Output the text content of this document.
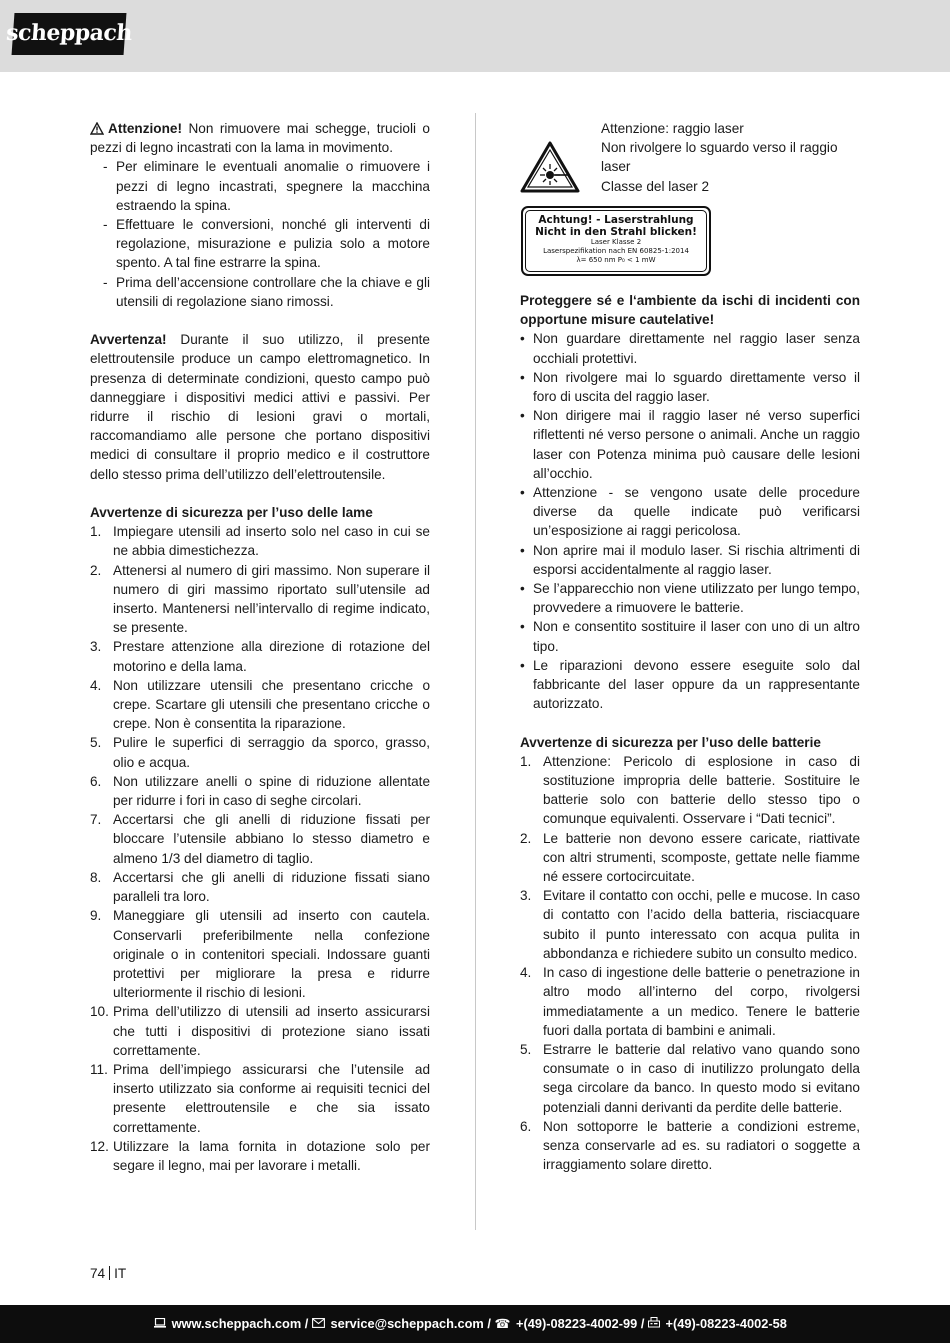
scheppach

Attenzione! Non rimuovere mai schegge, trucioli o pezzi di legno incastrati con la lama in movimento.

- Per eliminare le eventuali anomalie o rimuovere i pezzi di legno incastrati, spegnere la macchina estraendo la spina.
- Effettuare le conversioni, nonché gli interventi di regolazione, misurazione e pulizia solo a motore spento. A tal fine estrarre la spina.
- Prima dell’accensione controllare che la chiave e gli utensili di regolazione siano rimossi.

Avvertenza! Durante il suo utilizzo, il presente elettroutensile produce un campo elettromagnetico. In presenza di determinate condizioni, questo campo può danneggiare i dispositivi medici attivi e passivi. Per ridurre il rischio di lesioni gravi o mortali, raccomandiamo alle persone che portano dispositivi medici di consultare il proprio medico e il costruttore dello stesso prima dell’utilizzo dell’elettroutensile.

Avvertenze di sicurezza per l’uso delle lame

1. Impiegare utensili ad inserto solo nel caso in cui se ne abbia dimestichezza.
2. Attenersi al numero di giri massimo. Non superare il numero di giri massimo riportato sull’utensile ad inserto. Mantenersi nell’intervallo di regime indicato, se presente.
3. Prestare attenzione alla direzione di rotazione del motorino e della lama.
4. Non utilizzare utensili che presentano cricche o crepe. Scartare gli utensili che presentano cricche o crepe. Non è consentita la riparazione.
5. Pulire le superfici di serraggio da sporco, grasso, olio e acqua.
6. Non utilizzare anelli o spine di riduzione allentate per ridurre i fori in caso di seghe circolari.
7. Accertarsi che gli anelli di riduzione fissati per bloccare l’utensile abbiano lo stesso diametro e almeno 1/3 del diametro di taglio.
8. Accertarsi che gli anelli di riduzione fissati siano paralleli tra loro.
9. Maneggiare gli utensili ad inserto con cautela. Conservarli preferibilmente nella confezione originale o in contenitori speciali. Indossare guanti protettivi per migliorare la presa e ridurre ulteriormente il rischio di lesioni.
10. Prima dell’utilizzo di utensili ad inserto assicurarsi che tutti i dispositivi di protezione siano issati correttamente.
11. Prima dell’impiego assicurarsi che l’utensile ad inserto utilizzato sia conforme ai requisiti tecnici del presente elettroutensile e che sia issato correttamente.
12. Utilizzare la lama fornita in dotazione solo per segare il legno, mai per lavorare i metalli.

Attenzione: raggio laser

Non rivolgere lo sguardo verso il raggio laser

Classe del laser 2

Achtung! - Laserstrahlung
Nicht in den Strahl blicken!
Laser Klasse 2
Laserspezifikation nach EN 60825-1:2014
λ= 650 nm P₀ < 1 mW

Proteggere sé e l‘ambiente da ischi di incidenti con opportune misure cautelative!

• Non guardare direttamente nel raggio laser senza occhiali protettivi.
• Non rivolgere mai lo sguardo direttamente verso il foro di uscita del raggio laser.
• Non dirigere mai il raggio laser né verso superfici riflettenti né verso persone o animali. Anche un raggio laser con Potenza minima può causare delle lesioni all’occhio.
• Attenzione - se vengono usate delle procedure diverse da quelle indicate può verificarsi un’esposizione ai raggi pericolosa.
• Non aprire mai il modulo laser. Si rischia altrimenti di esporsi accidentalmente al raggio laser.
• Se l’apparecchio non viene utilizzato per lungo tempo, provvedere a rimuovere le batterie.
• Non e consentito sostituire il laser con uno di un altro tipo.
• Le riparazioni devono essere eseguite solo dal fabbricante del laser oppure da un rappresentante autorizzato.

Avvertenze di sicurezza per l’uso delle batterie

1. Attenzione: Pericolo di esplosione in caso di sostituzione impropria delle batterie. Sostituire le batterie solo con batterie dello stesso tipo o comunque equivalenti. Osservare i “Dati tecnici”.
2. Le batterie non devono essere caricate, riattivate con altri strumenti, scomposte, gettate nelle fiamme né essere cortocircuitate.
3. Evitare il contatto con occhi, pelle e mucose. In caso di contatto con l’acido della batteria, risciacquare subito il punto interessato con acqua pulita in abbondanza e richiedere subito un consulto medico.
4. In caso di ingestione delle batterie o penetrazione in altro modo all’interno del corpo, rivolgersi immediatamente a un medico. Tenere le batterie fuori dalla portata di bambini e animali.
5. Estrarre le batterie dal relativo vano quando sono consumate o in caso di inutilizzo prolungato della sega circolare da banco. In questo modo si evitano potenziali danni derivanti da perdite delle batterie.
6. Non sottoporre le batterie a condizioni estreme, senza conservarle ad es. su radiatori o soggette a irraggiamento solare diretto.
74 IT
www.scheppach.com / service@scheppach.com / ☎ +(49)-08223-4002-99 / +(49)-08223-4002-58
